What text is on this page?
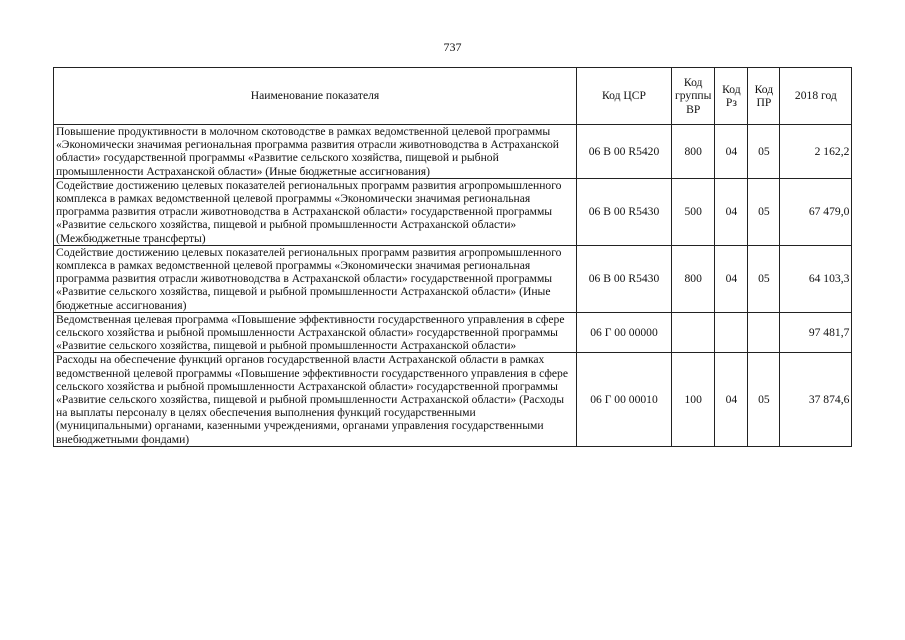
737
Наименование показателя	Код ЦСР	Код группы ВР	Код Рз	Код ПР	2018 год
Повышение продуктивности в молочном скотоводстве в рамках ведомственной целевой программы «Экономически значимая региональная программа развития отрасли животноводства в Астраханской области» государственной программы «Развитие сельского хозяйства, пищевой и рыбной промышленности Астраханской области» (Иные бюджетные ассигнования)	06 В 00 R5420	800	04	05	2 162,2
Содействие достижению целевых показателей региональных программ развития агропромышленного комплекса в рамках ведомственной целевой программы «Экономически значимая региональная программа развития отрасли животноводства в Астраханской области» государственной программы «Развитие сельского хозяйства, пищевой и рыбной промышленности Астраханской области» (Межбюджетные трансферты)	06 В 00 R5430	500	04	05	67 479,0
Содействие достижению целевых показателей региональных программ развития агропромышленного комплекса в рамках ведомственной целевой программы «Экономически значимая региональная программа развития отрасли животноводства в Астраханской области» государственной программы «Развитие сельского хозяйства, пищевой и рыбной промышленности Астраханской области» (Иные бюджетные ассигнования)	06 В 00 R5430	800	04	05	64 103,3
Ведомственная целевая программа «Повышение эффективности государственного управления в сфере сельского хозяйства и рыбной промышленности Астраханской области» государственной программы «Развитие сельского хозяйства, пищевой и рыбной промышленности Астраханской области»	06 Г 00 00000				97 481,7
Расходы на обеспечение функций органов государственной власти Астраханской области в рамках ведомственной целевой программы «Повышение эффективности государственного управления в сфере сельского хозяйства и рыбной промышленности Астраханской области» государственной программы «Развитие сельского хозяйства, пищевой и рыбной промышленности Астраханской области» (Расходы на выплаты персоналу в целях обеспечения выполнения функций государственными (муниципальными) органами, казенными учреждениями, органами управления государственными внебюджетными фондами)	06 Г 00 00010	100	04	05	37 874,6
